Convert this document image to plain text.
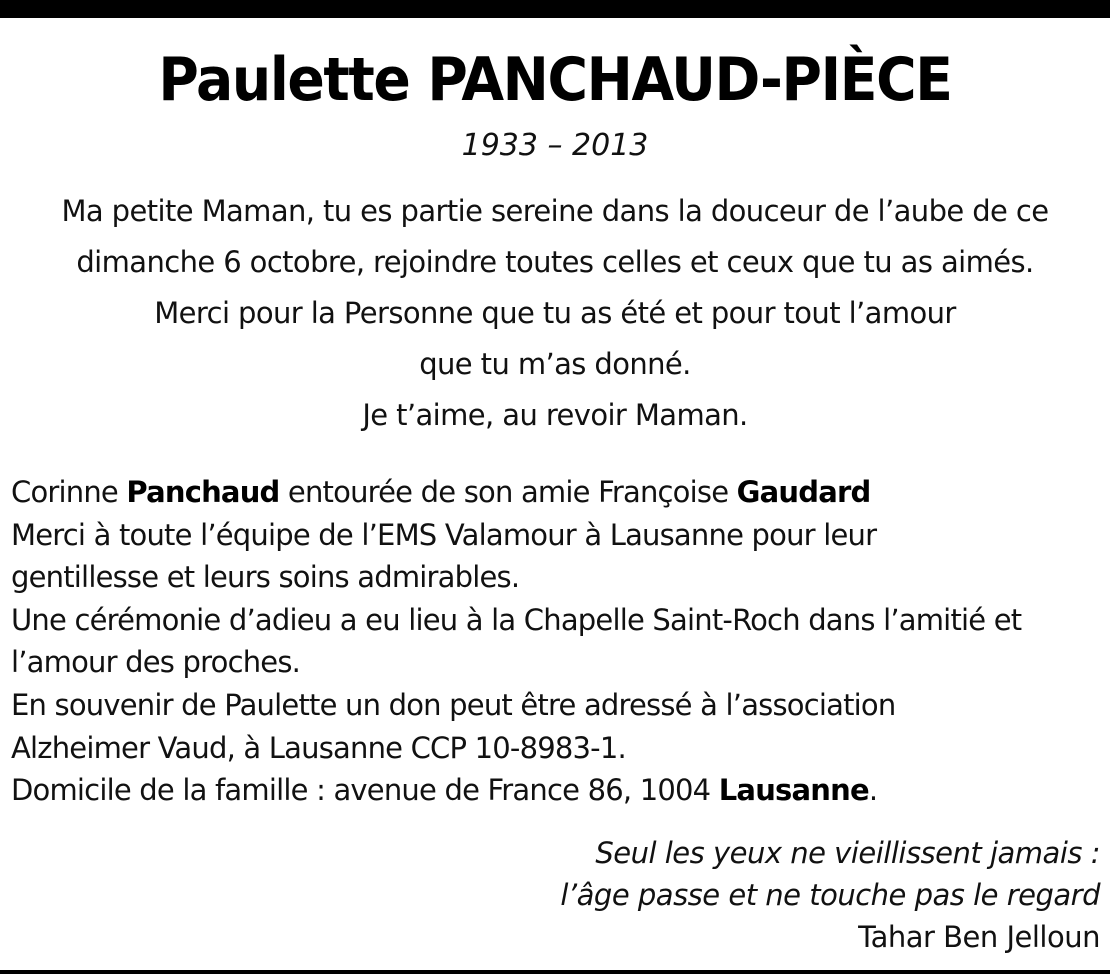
Paulette PANCHAUD-PIÈCE
1933 – 2013
Ma petite Maman, tu es partie sereine dans la douceur de l’aube de ce
dimanche 6 octobre, rejoindre toutes celles et ceux que tu as aimés.
Merci pour la Personne que tu as été et pour tout l’amour
que tu m’as donné.
Je t’aime, au revoir Maman.
Corinne Panchaud entourée de son amie Françoise Gaudard
Merci à toute l’équipe de l’EMS Valamour à Lausanne pour leur
gentillesse et leurs soins admirables.
Une cérémonie d’adieu a eu lieu à la Chapelle Saint-Roch dans l’amitié et
l’amour des proches.
En souvenir de Paulette un don peut être adressé à l’association
Alzheimer Vaud, à Lausanne CCP 10-8983-1.
Domicile de la famille : avenue de France 86, 1004 Lausanne.
Seul les yeux ne vieillissent jamais :
l’âge passe et ne touche pas le regard
Tahar Ben Jelloun
